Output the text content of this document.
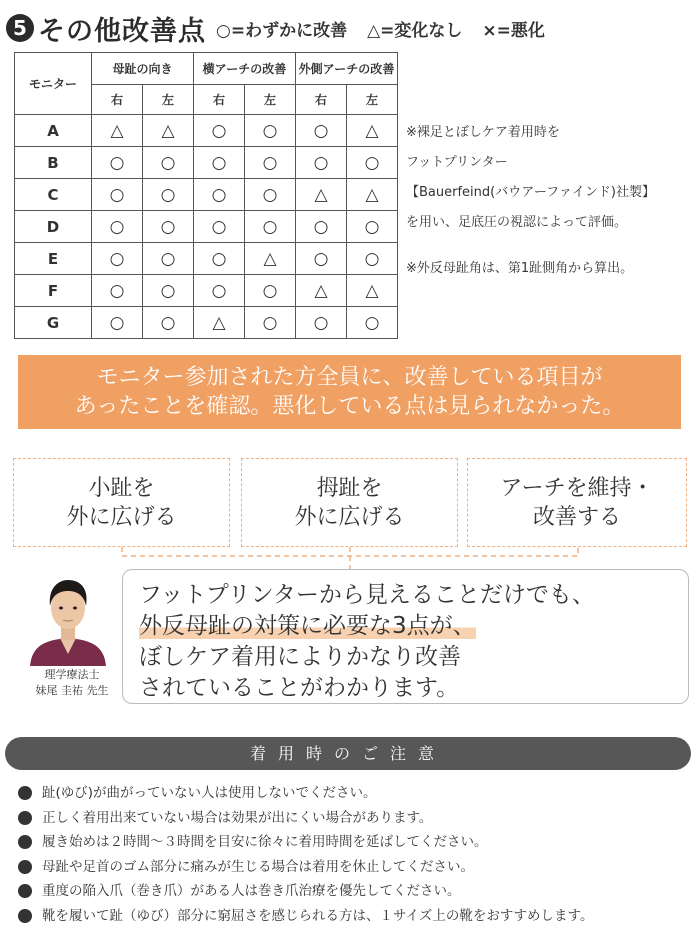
5 その他改善点 ○=わずかに改善 △=変化なし ×=悪化
モニター	母趾の向き		横アーチの改善		外側アーチの改善	
	右	左	右	左	右	左
A	△	△	○	○	○	△
B	○	○	○	○	○	○
C	○	○	○	○	△	△
D	○	○	○	○	○	○
E	○	○	○	△	○	○
F	○	○	○	○	△	△
G	○	○	△	○	○	○
※裸足とぼしケア着用時を
フットプリンター
【Bauerfeind(バウアーファインド)社製】
を用い、足底圧の視認によって評価。
※外反母趾角は、第1趾側角から算出。
モニター参加された方全員に、改善している項目が
あったことを確認。悪化している点は見られなかった。
小趾を
外に広げる
拇趾を
外に広げる
アーチを維持・
改善する
理学療法士
妹尾 圭祐 先生
フットプリンターから見えることだけでも、
外反母趾の対策に必要な3点が、
ぼしケア着用によりかなり改善
されていることがわかります。
着用時のご注意
趾(ゆび)が曲がっていない人は使用しないでください。
正しく着用出来ていない場合は効果が出にくい場合があります。
履き始めは２時間～３時間を目安に徐々に着用時間を延ばしてください。
母趾や足首のゴム部分に痛みが生じる場合は着用を休止してください。
重度の陥入爪（巻き爪）がある人は巻き爪治療を優先してください。
靴を履いて趾（ゆび）部分に窮屈さを感じられる方は、１サイズ上の靴をおすすめします。
